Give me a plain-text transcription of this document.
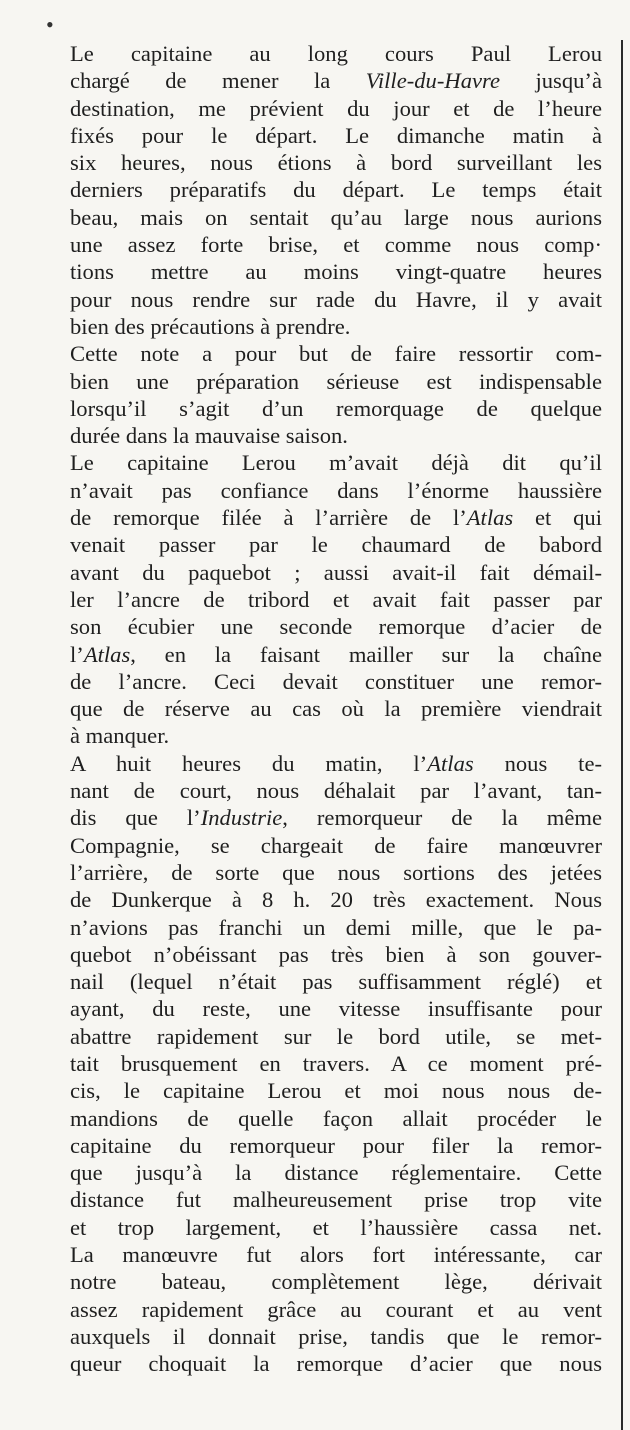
•
Le capitaine au long cours Paul Lerou
chargé de mener la Ville-du-Havre jusqu’à
destination, me prévient du jour et de l’heure
fixés pour le départ. Le dimanche matin à
six heures, nous étions à bord surveillant les
derniers préparatifs du départ. Le temps était
beau, mais on sentait qu’au large nous aurions
une assez forte brise, et comme nous comp·
tions mettre au moins vingt-quatre heures
pour nous rendre sur rade du Havre, il y avait
bien des précautions à prendre.
Cette note a pour but de faire ressortir com-
bien une préparation sérieuse est indispensable
lorsqu’il s’agit d’un remorquage de quelque
durée dans la mauvaise saison.
Le capitaine Lerou m’avait déjà dit qu’il
n’avait pas confiance dans l’énorme haussière
de remorque filée à l’arrière de l’Atlas et qui
venait passer par le chaumard de babord
avant du paquebot ; aussi avait-il fait démail-
ler l’ancre de tribord et avait fait passer par
son écubier une seconde remorque d’acier de
l’Atlas, en la faisant mailler sur la chaîne
de l’ancre. Ceci devait constituer une remor-
que de réserve au cas où la première viendrait
à manquer.
A huit heures du matin, l’Atlas nous te-
nant de court, nous déhalait par l’avant, tan-
dis que l’Industrie, remorqueur de la même
Compagnie, se chargeait de faire manœuvrer
l’arrière, de sorte que nous sortions des jetées
de Dunkerque à 8 h. 20 très exactement. Nous
n’avions pas franchi un demi mille, que le pa-
quebot n’obéissant pas très bien à son gouver-
nail (lequel n’était pas suffisamment réglé) et
ayant, du reste, une vitesse insuffisante pour
abattre rapidement sur le bord utile, se met-
tait brusquement en travers. A ce moment pré-
cis, le capitaine Lerou et moi nous nous de-
mandions de quelle façon allait procéder le
capitaine du remorqueur pour filer la remor-
que jusqu’à la distance réglementaire. Cette
distance fut malheureusement prise trop vite
et trop largement, et l’haussière cassa net.
La manœuvre fut alors fort intéressante, car
notre bateau, complètement lège, dérivait
assez rapidement grâce au courant et au vent
auxquels il donnait prise, tandis que le remor-
queur choquait la remorque d’acier que nous
